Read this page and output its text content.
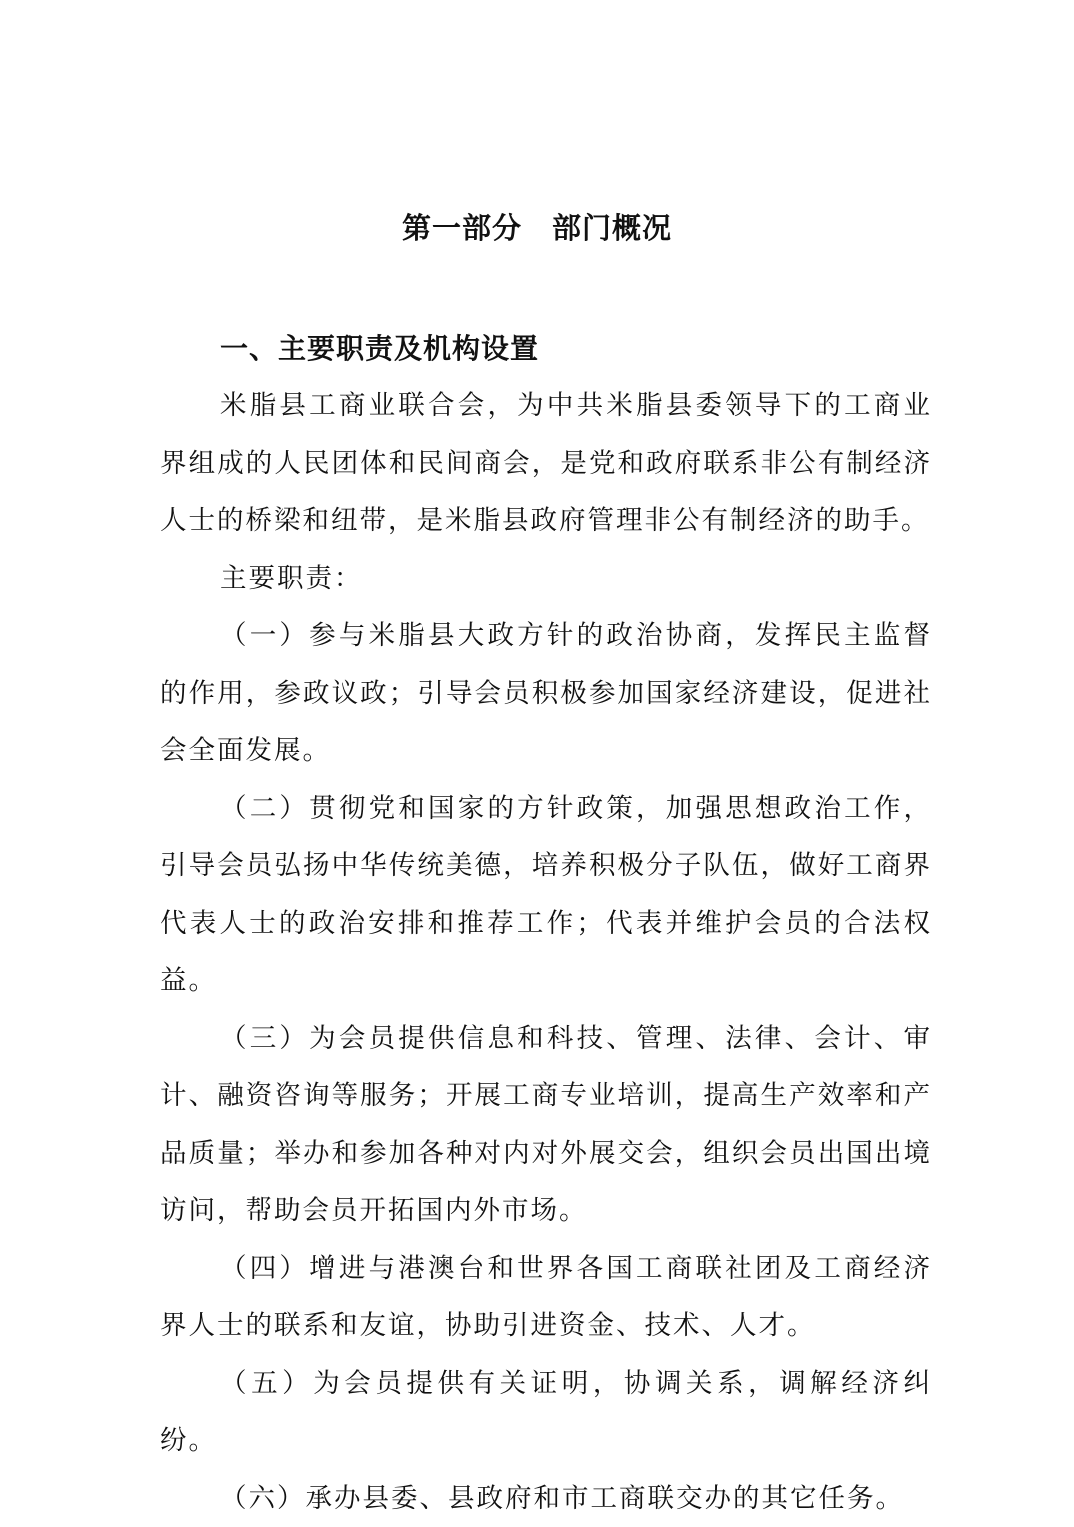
第一部分　部门概况
一、主要职责及机构设置

米脂县工商业联合会，为中共米脂县委领导下的工商业界组成的人民团体和民间商会，是党和政府联系非公有制经济人士的桥梁和纽带，是米脂县政府管理非公有制经济的助手。

主要职责：

（一）参与米脂县大政方针的政治协商，发挥民主监督的作用，参政议政；引导会员积极参加国家经济建设，促进社会全面发展。

（二）贯彻党和国家的方针政策，加强思想政治工作，引导会员弘扬中华传统美德，培养积极分子队伍，做好工商界代表人士的政治安排和推荐工作；代表并维护会员的合法权益。

（三）为会员提供信息和科技、管理、法律、会计、审计、融资咨询等服务；开展工商专业培训，提高生产效率和产品质量；举办和参加各种对内对外展交会，组织会员出国出境访问，帮助会员开拓国内外市场。

（四）增进与港澳台和世界各国工商联社团及工商经济界人士的联系和友谊，协助引进资金、技术、人才。

（五）为会员提供有关证明，协调关系，调解经济纠纷。

（六）承办县委、县政府和市工商联交办的其它任务。
